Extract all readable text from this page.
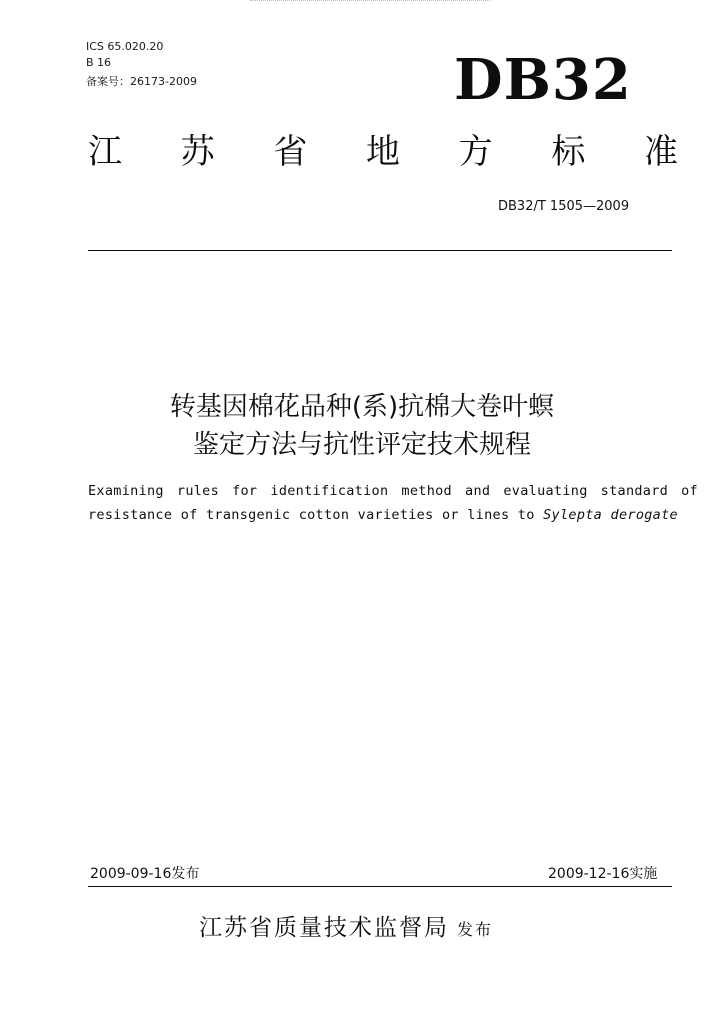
ICS 65.020.20
B 16
备案号：26173-2009	DB32
江 苏 省 地 方 标 准
DB32/T 1505—2009
转基因棉花品种(系)抗棉大卷叶螟
鉴定方法与抗性评定技术规程
Examining rules for identification method and evaluating standard of
resistance of transgenic cotton varieties or lines to Sylepta derogate
2009-09-16发布	2009-12-16实施
江苏省质量技术监督局 发布
